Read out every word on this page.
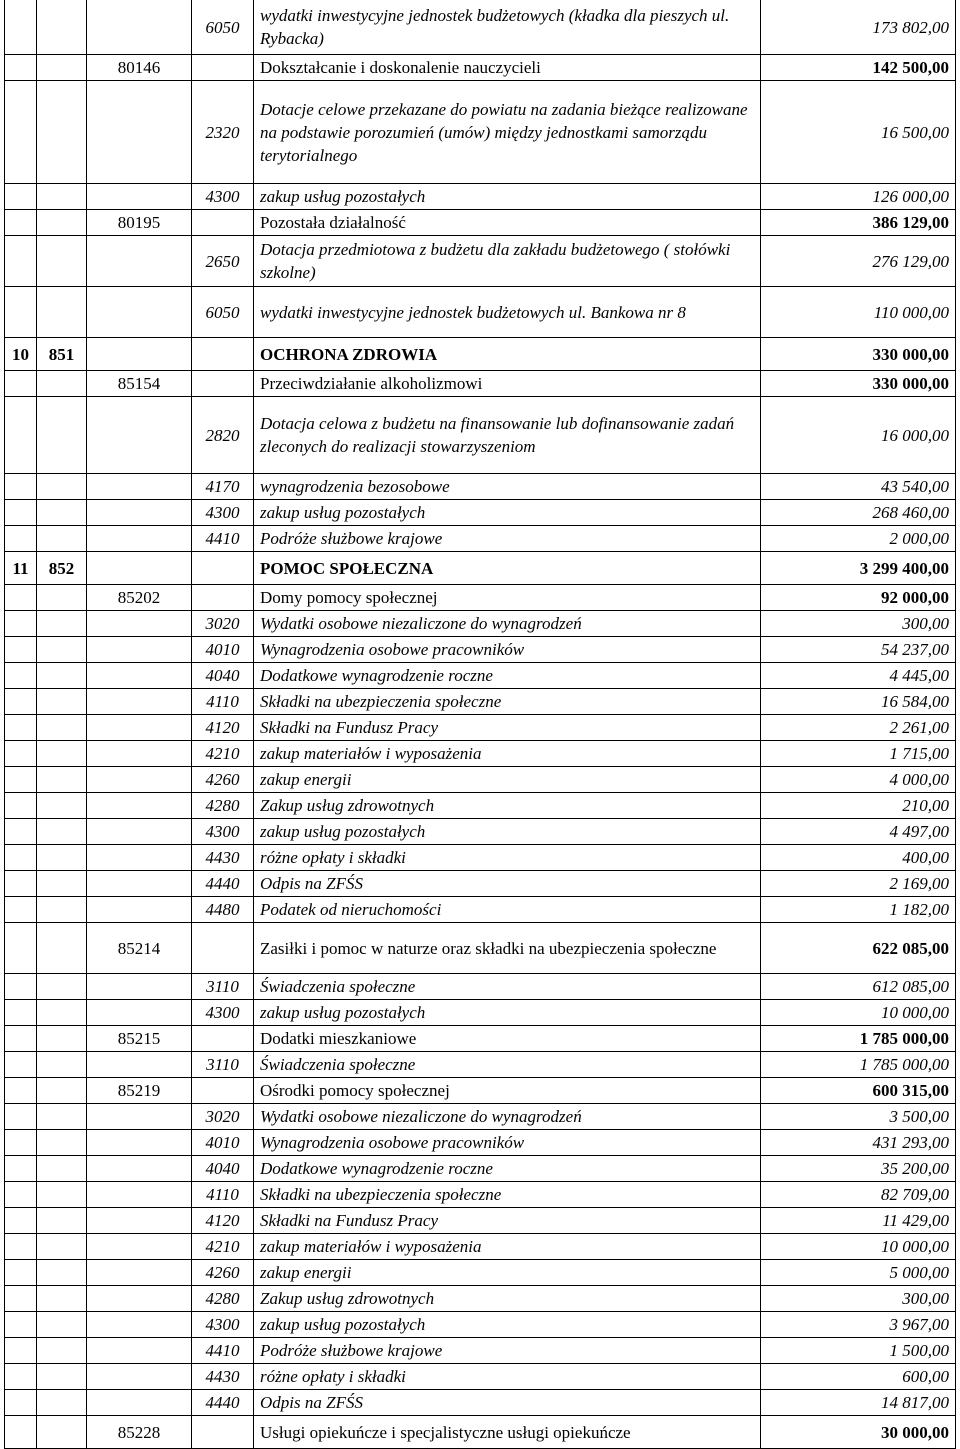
			6050	wydatki inwestycyjne jednostek budżetowych (kładka dla pieszych ul. Rybacka)	173 802,00
		80146		Dokształcanie i doskonalenie nauczycieli	142 500,00
			2320	Dotacje celowe przekazane do powiatu na zadania bieżące realizowane na podstawie porozumień (umów) między jednostkami samorządu terytorialnego	16 500,00
			4300	zakup usług pozostałych	126 000,00
		80195		Pozostała działalność	386 129,00
			2650	Dotacja przedmiotowa z budżetu dla zakładu budżetowego ( stołówki szkolne)	276 129,00
			6050	wydatki inwestycyjne jednostek budżetowych ul. Bankowa nr 8	110 000,00
10	851			OCHRONA ZDROWIA	330 000,00
		85154		Przeciwdziałanie alkoholizmowi	330 000,00
			2820	Dotacja celowa z budżetu na finansowanie lub dofinansowanie zadań zleconych do realizacji stowarzyszeniom	16 000,00
			4170	wynagrodzenia bezosobowe	43 540,00
			4300	zakup usług pozostałych	268 460,00
			4410	Podróże służbowe krajowe	2 000,00
11	852			POMOC SPOŁECZNA	3 299 400,00
		85202		Domy pomocy społecznej	92 000,00
			3020	Wydatki osobowe niezaliczone do wynagrodzeń	300,00
			4010	Wynagrodzenia osobowe pracowników	54 237,00
			4040	Dodatkowe wynagrodzenie roczne	4 445,00
			4110	Składki na ubezpieczenia społeczne	16 584,00
			4120	Składki na Fundusz Pracy	2 261,00
			4210	zakup materiałów i wyposażenia	1 715,00
			4260	zakup energii	4 000,00
			4280	Zakup usług zdrowotnych	210,00
			4300	zakup usług pozostałych	4 497,00
			4430	różne opłaty i składki	400,00
			4440	Odpis na ZFŚS	2 169,00
			4480	Podatek od nieruchomości	1 182,00
		85214		Zasiłki i pomoc w naturze oraz składki na ubezpieczenia społeczne	622 085,00
			3110	Świadczenia społeczne	612 085,00
			4300	zakup usług pozostałych	10 000,00
		85215		Dodatki mieszkaniowe	1 785 000,00
			3110	Świadczenia społeczne	1 785 000,00
		85219		Ośrodki pomocy społecznej	600 315,00
			3020	Wydatki osobowe niezaliczone do wynagrodzeń	3 500,00
			4010	Wynagrodzenia osobowe pracowników	431 293,00
			4040	Dodatkowe wynagrodzenie roczne	35 200,00
			4110	Składki na ubezpieczenia społeczne	82 709,00
			4120	Składki na Fundusz Pracy	11 429,00
			4210	zakup materiałów i wyposażenia	10 000,00
			4260	zakup energii	5 000,00
			4280	Zakup usług zdrowotnych	300,00
			4300	zakup usług pozostałych	3 967,00
			4410	Podróże służbowe krajowe	1 500,00
			4430	różne opłaty i składki	600,00
			4440	Odpis na ZFŚS	14 817,00
		85228		Usługi opiekuńcze i specjalistyczne usługi opiekuńcze	30 000,00
